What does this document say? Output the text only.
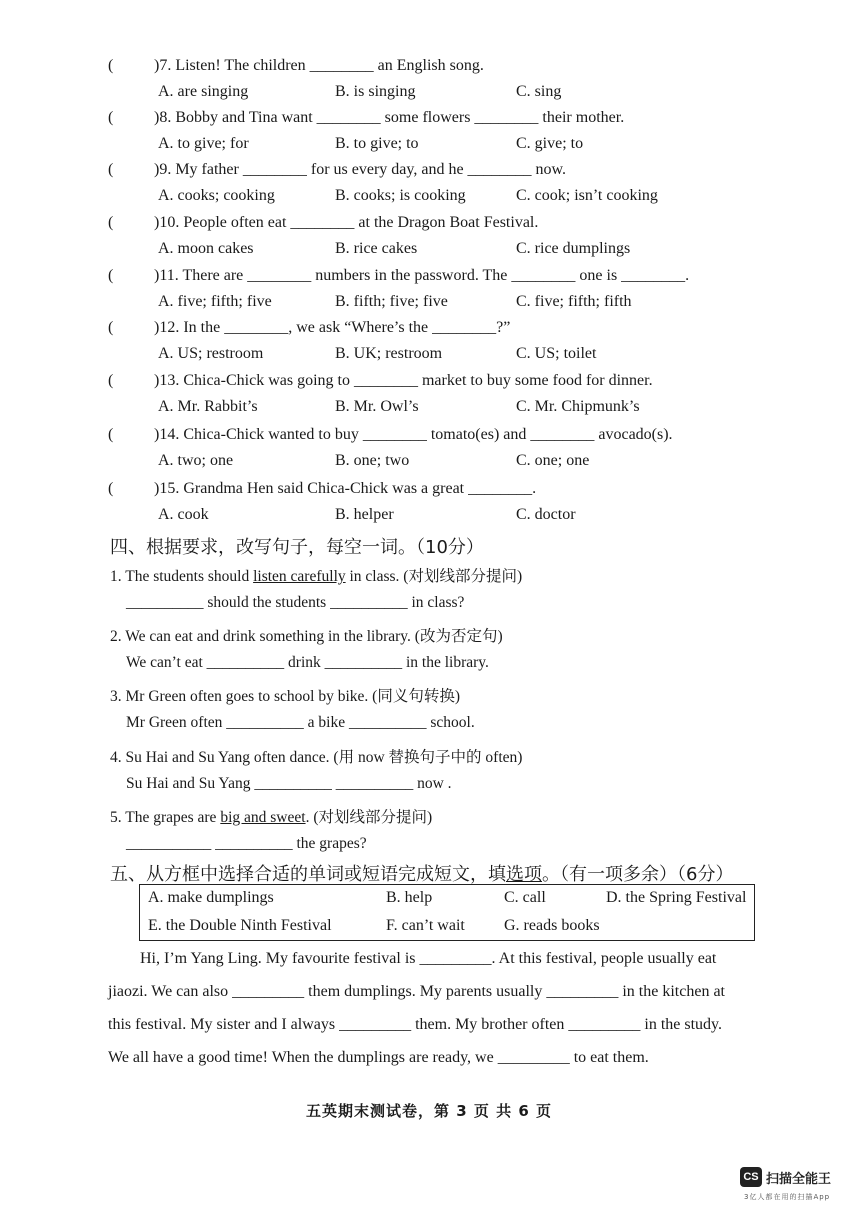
(	)7. Listen! The children ________ an English song.
A. are singing	B. is singing	C. sing
(	)8. Bobby and Tina want ________ some flowers ________ their mother.
A. to give; for	B. to give; to	C. give; to
(	)9. My father ________ for us every day, and he ________ now.
A. cooks; cooking	B. cooks; is cooking	C. cook; isn’t cooking
(	)10. People often eat ________ at the Dragon Boat Festival.
A. moon cakes	B. rice cakes	C. rice dumplings
(	)11. There are ________ numbers in the password. The ________ one is ________.
A. five; fifth; five	B. fifth; five; five	C. five; fifth; fifth
(	)12. In the ________, we ask “Where’s the ________?”
A. US; restroom	B. UK; restroom	C. US; toilet
(	)13. Chica-Chick was going to ________ market to buy some food for dinner.
A. Mr. Rabbit’s	B. Mr. Owl’s	C. Mr. Chipmunk’s
(	)14. Chica-Chick wanted to buy ________ tomato(es) and ________ avocado(s).
A. two; one	B. one; two	C. one; one
(	)15. Grandma Hen said Chica-Chick was a great ________.
A. cook	B. helper	C. doctor
四、根据要求，改写句子，每空一词。（10分）
1. The students should listen carefully in class. (对划线部分提问)
__________ should the students __________ in class?
2. We can eat and drink something in the library. (改为否定句)
We can’t eat __________ drink __________ in the library.
3. Mr Green often goes to school by bike. (同义句转换)
Mr Green often __________ a bike __________ school.
4. Su Hai and Su Yang often dance. (用 now 替换句子中的 often)
Su Hai and Su Yang __________ __________ now .
5. The grapes are big and sweet. (对划线部分提问)
___________ __________ the grapes?
五、从方框中选择合适的单词或短语完成短文，填选项。（有一项多余）（6分）
A. make dumplings	B. help	C. call	D. the Spring Festival
E. the Double Ninth Festival	F. can’t wait G. reads books
Hi, I’m Yang Ling. My favourite festival is _________. At this festival, people usually eat
jiaozi. We can also _________ them dumplings. My parents usually _________ in the kitchen at
this festival. My sister and I always _________ them. My brother often _________ in the study.
We all have a good time! When the dumplings are ready, we _________ to eat them.
五英期末测试卷，第 3 页 共 6 页
CS 扫描全能王
3亿人都在用的扫描App
